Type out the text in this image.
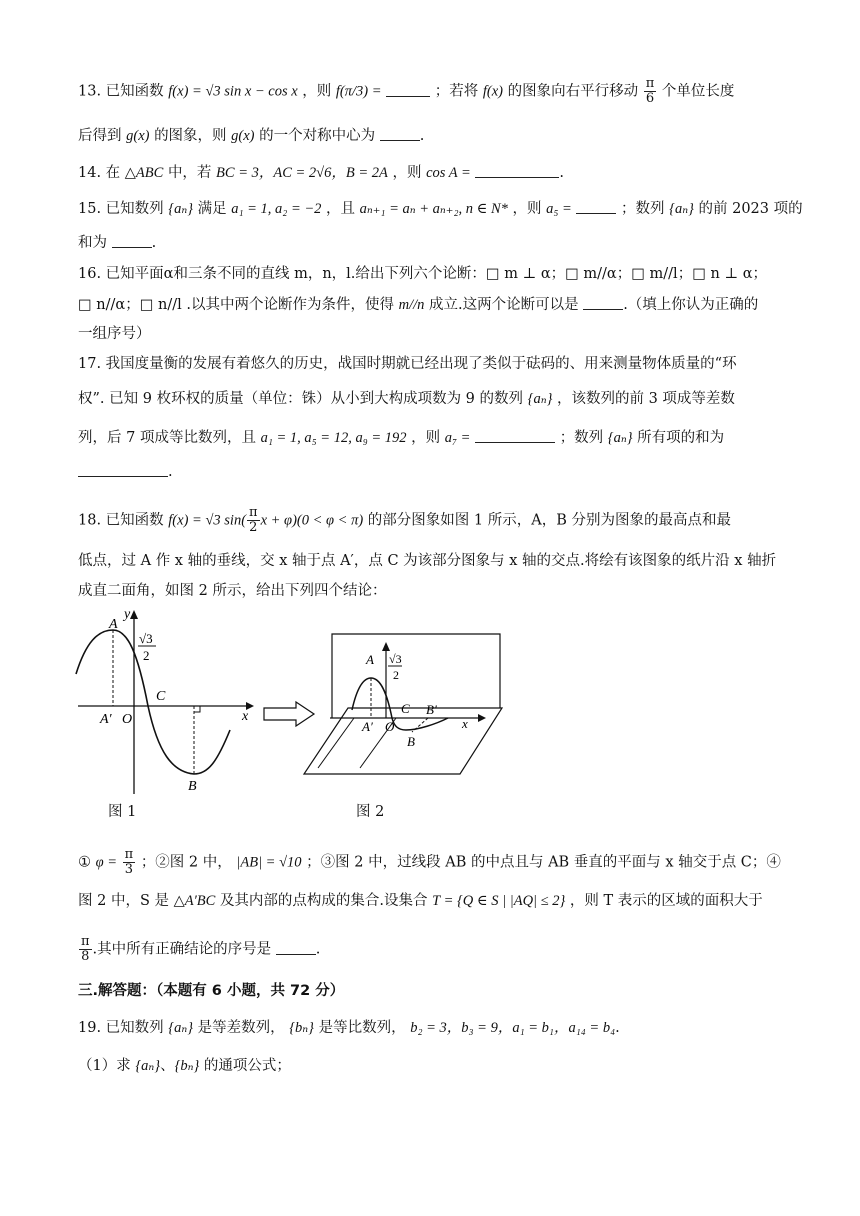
13. 已知函数 f(x) = √3 sin x − cos x ，则 f(π/3) =	；若将 f(x) 的图象向右平行移动 $\frac{\pi}{6}$ 个单位长度
后得到 g(x) 的图象，则 g(x) 的一个对称中心为	.
14. 在 △ABC 中，若 BC = 3，AC = 2√6，B = 2A ，则 cos A =	.
15. 已知数列 {aₙ} 满足 a₁ = 1, a₂ = −2 ，且 aₙ₊₁ = aₙ + aₙ₊₂, n ∈ N* ，则 a₅ =	；数列 {aₙ} 的前 2023 项的
和为	.
16. 已知平面α和三条不同的直线 m，n，l.给出下列六个论断：□ m ⊥ α；□ m//α；□ m//l；□ n ⊥ α；
□ n//α；□ n//l .以其中两个论断作为条件，使得 m//n 成立.这两个论断可以是	.（填上你认为正确的
一组序号）
17. 我国度量衡的发展有着悠久的历史，战国时期就已经出现了类似于砝码的、用来测量物体质量的“环
权”. 已知 9 枚环权的质量（单位：铢）从小到大构成项数为 9 的数列 {aₙ} ，该数列的前 3 项成等差数
列，后 7 项成等比数列，且 a₁ = 1, a₅ = 12, a₉ = 192 ，则 a₇ =	；数列 {aₙ} 所有项的和为
.
18. 已知函数 f(x) = √3 $\sin( \frac{\pi}{2}$ x + φ)(0 < φ < π) 的部分图象如图 1 所示，A，B 分别为图象的最高点和最
低点，过 A 作 x 轴的垂线，交 x 轴于点 A′，点 C 为该部分图象与 x 轴的交点.将绘有该图象的纸片沿 x 轴折
成直二面角，如图 2 所示，给出下列四个结论：
A
A′ O
C
B
x
y
√3
2	A
A′ O
C B′
B
x
√3
2
图 1	图 2
① $\varphi = \frac{\pi}{3}$ ；②图 2 中， |AB| = √10 ；③图 2 中，过线段 AB 的中点且与 AB 垂直的平面与 x 轴交于点 C；④
图 2 中，S 是 △A′BC 及其内部的点构成的集合.设集合 T = {Q ∈ S | |AQ| ≤ 2} ，则 T 表示的区域的面积大于
$\frac{\pi}{8}$ .其中所有正确结论的序号是	.
三.解答题：（本题有 6 小题，共 72 分）
19. 已知数列 {aₙ} 是等差数列， {bₙ} 是等比数列， b₂ = 3，b₃ = 9，a₁ = b₁，a₁₄ = b₄.
（1）求 {aₙ}、{bₙ} 的通项公式；
